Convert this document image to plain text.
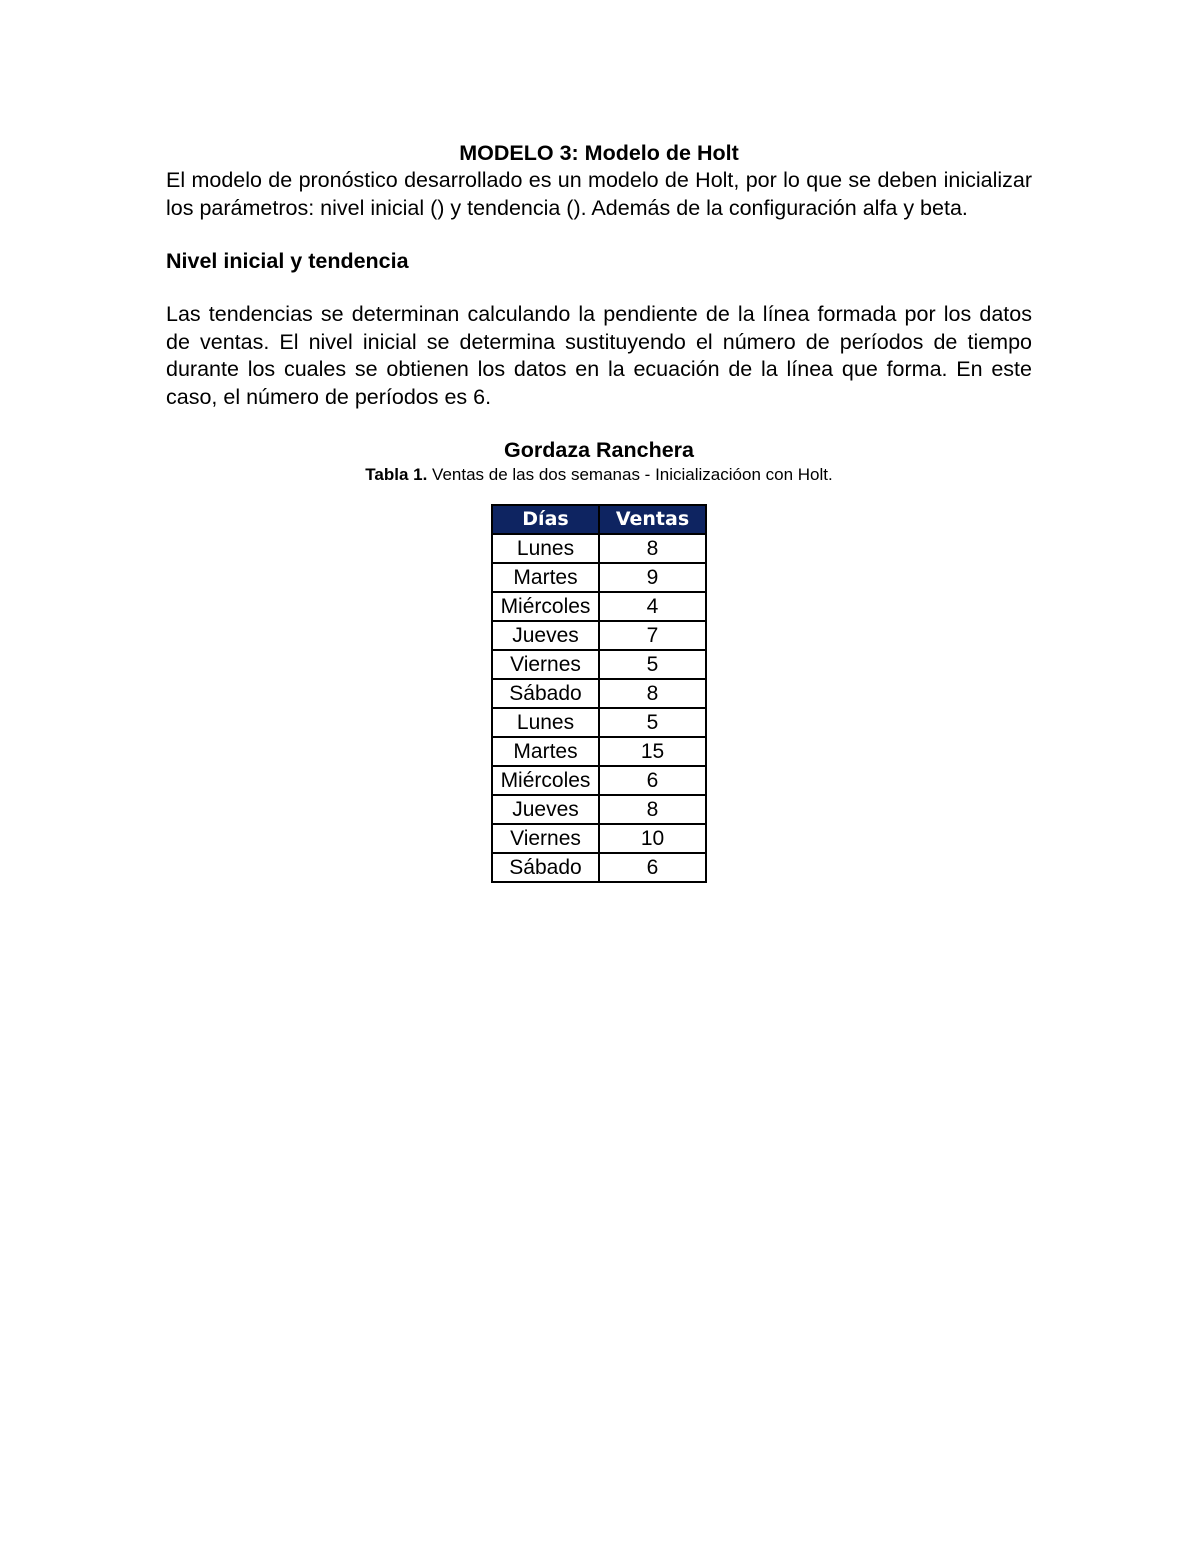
MODELO 3: Modelo de Holt

El modelo de pronóstico desarrollado es un modelo de Holt, por lo que se deben inicializar los parámetros: nivel inicial () y tendencia (). Además de la configuración alfa y beta.

Nivel inicial y tendencia

Las tendencias se determinan calculando la pendiente de la línea formada por los datos de ventas. El nivel inicial se determina sustituyendo el número de períodos de tiempo durante los cuales se obtienen los datos en la ecuación de la línea que forma. En este caso, el número de períodos es 6.

Gordaza Ranchera

Tabla 1. Ventas de las dos semanas - Inicializacióon con Holt.

Días	Ventas
Lunes	8
Martes	9
Miércoles	4
Jueves	7
Viernes	5
Sábado	8
Lunes	5
Martes	15
Miércoles	6
Jueves	8
Viernes	10
Sábado	6
